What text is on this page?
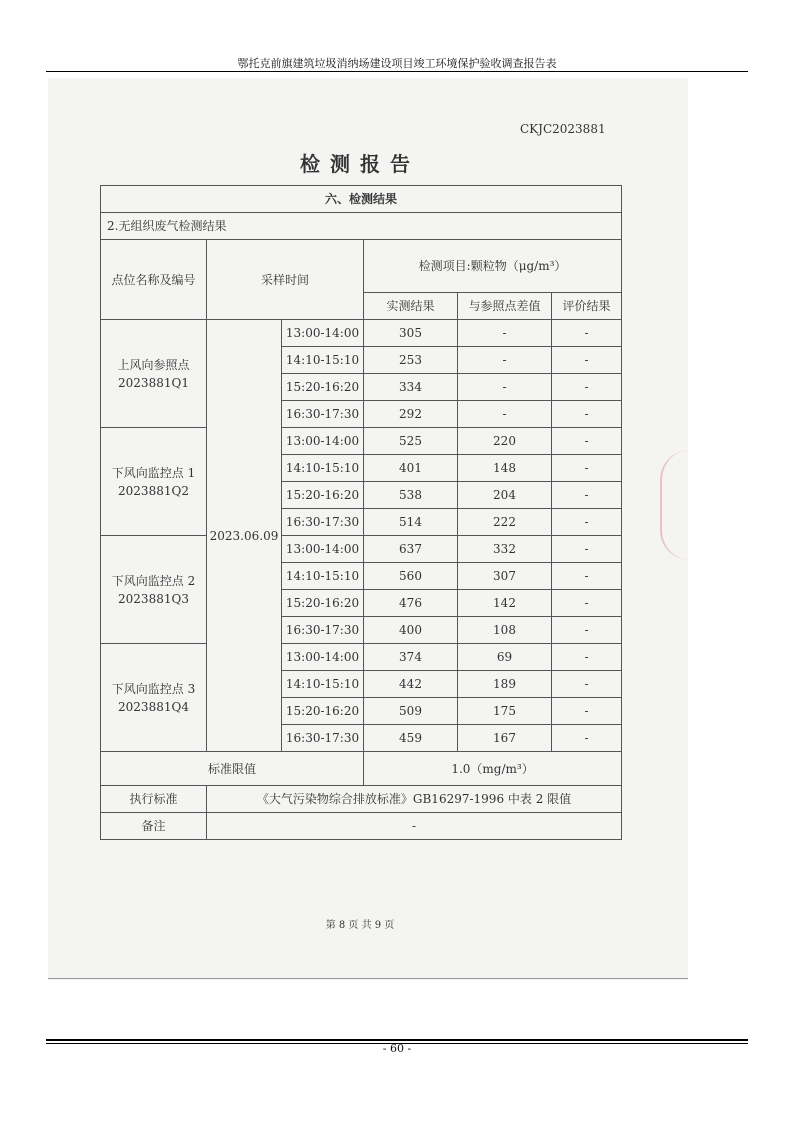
鄂托克前旗建筑垃圾消纳场建设项目竣工环境保护验收调查报告表
CKJC2023881
检测报告
六、检测结果					
2.无组织废气检测结果					
点位名称及编号	采样时间		检测项目:颗粒物（μg/m³）		
			实测结果	与参照点差值	评价结果
上风向参照点
2023881Q1	2023.06.09	13:00-14:00	305	-	-
		14:10-15:10	253	-	-
		15:20-16:20	334	-	-
		16:30-17:30	292	-	-
下风向监控点 1
2023881Q2		13:00-14:00	525	220	-
		14:10-15:10	401	148	-
		15:20-16:20	538	204	-
		16:30-17:30	514	222	-
下风向监控点 2
2023881Q3		13:00-14:00	637	332	-
		14:10-15:10	560	307	-
		15:20-16:20	476	142	-
		16:30-17:30	400	108	-
下风向监控点 3
2023881Q4		13:00-14:00	374	69	-
		14:10-15:10	442	189	-
		15:20-16:20	509	175	-
		16:30-17:30	459	167	-
标准限值			1.0（mg/m³）		
执行标准	《大气污染物综合排放标准》GB16297-1996 中表 2 限值				
备注	-				
第 8 页 共 9 页
- 60 -
